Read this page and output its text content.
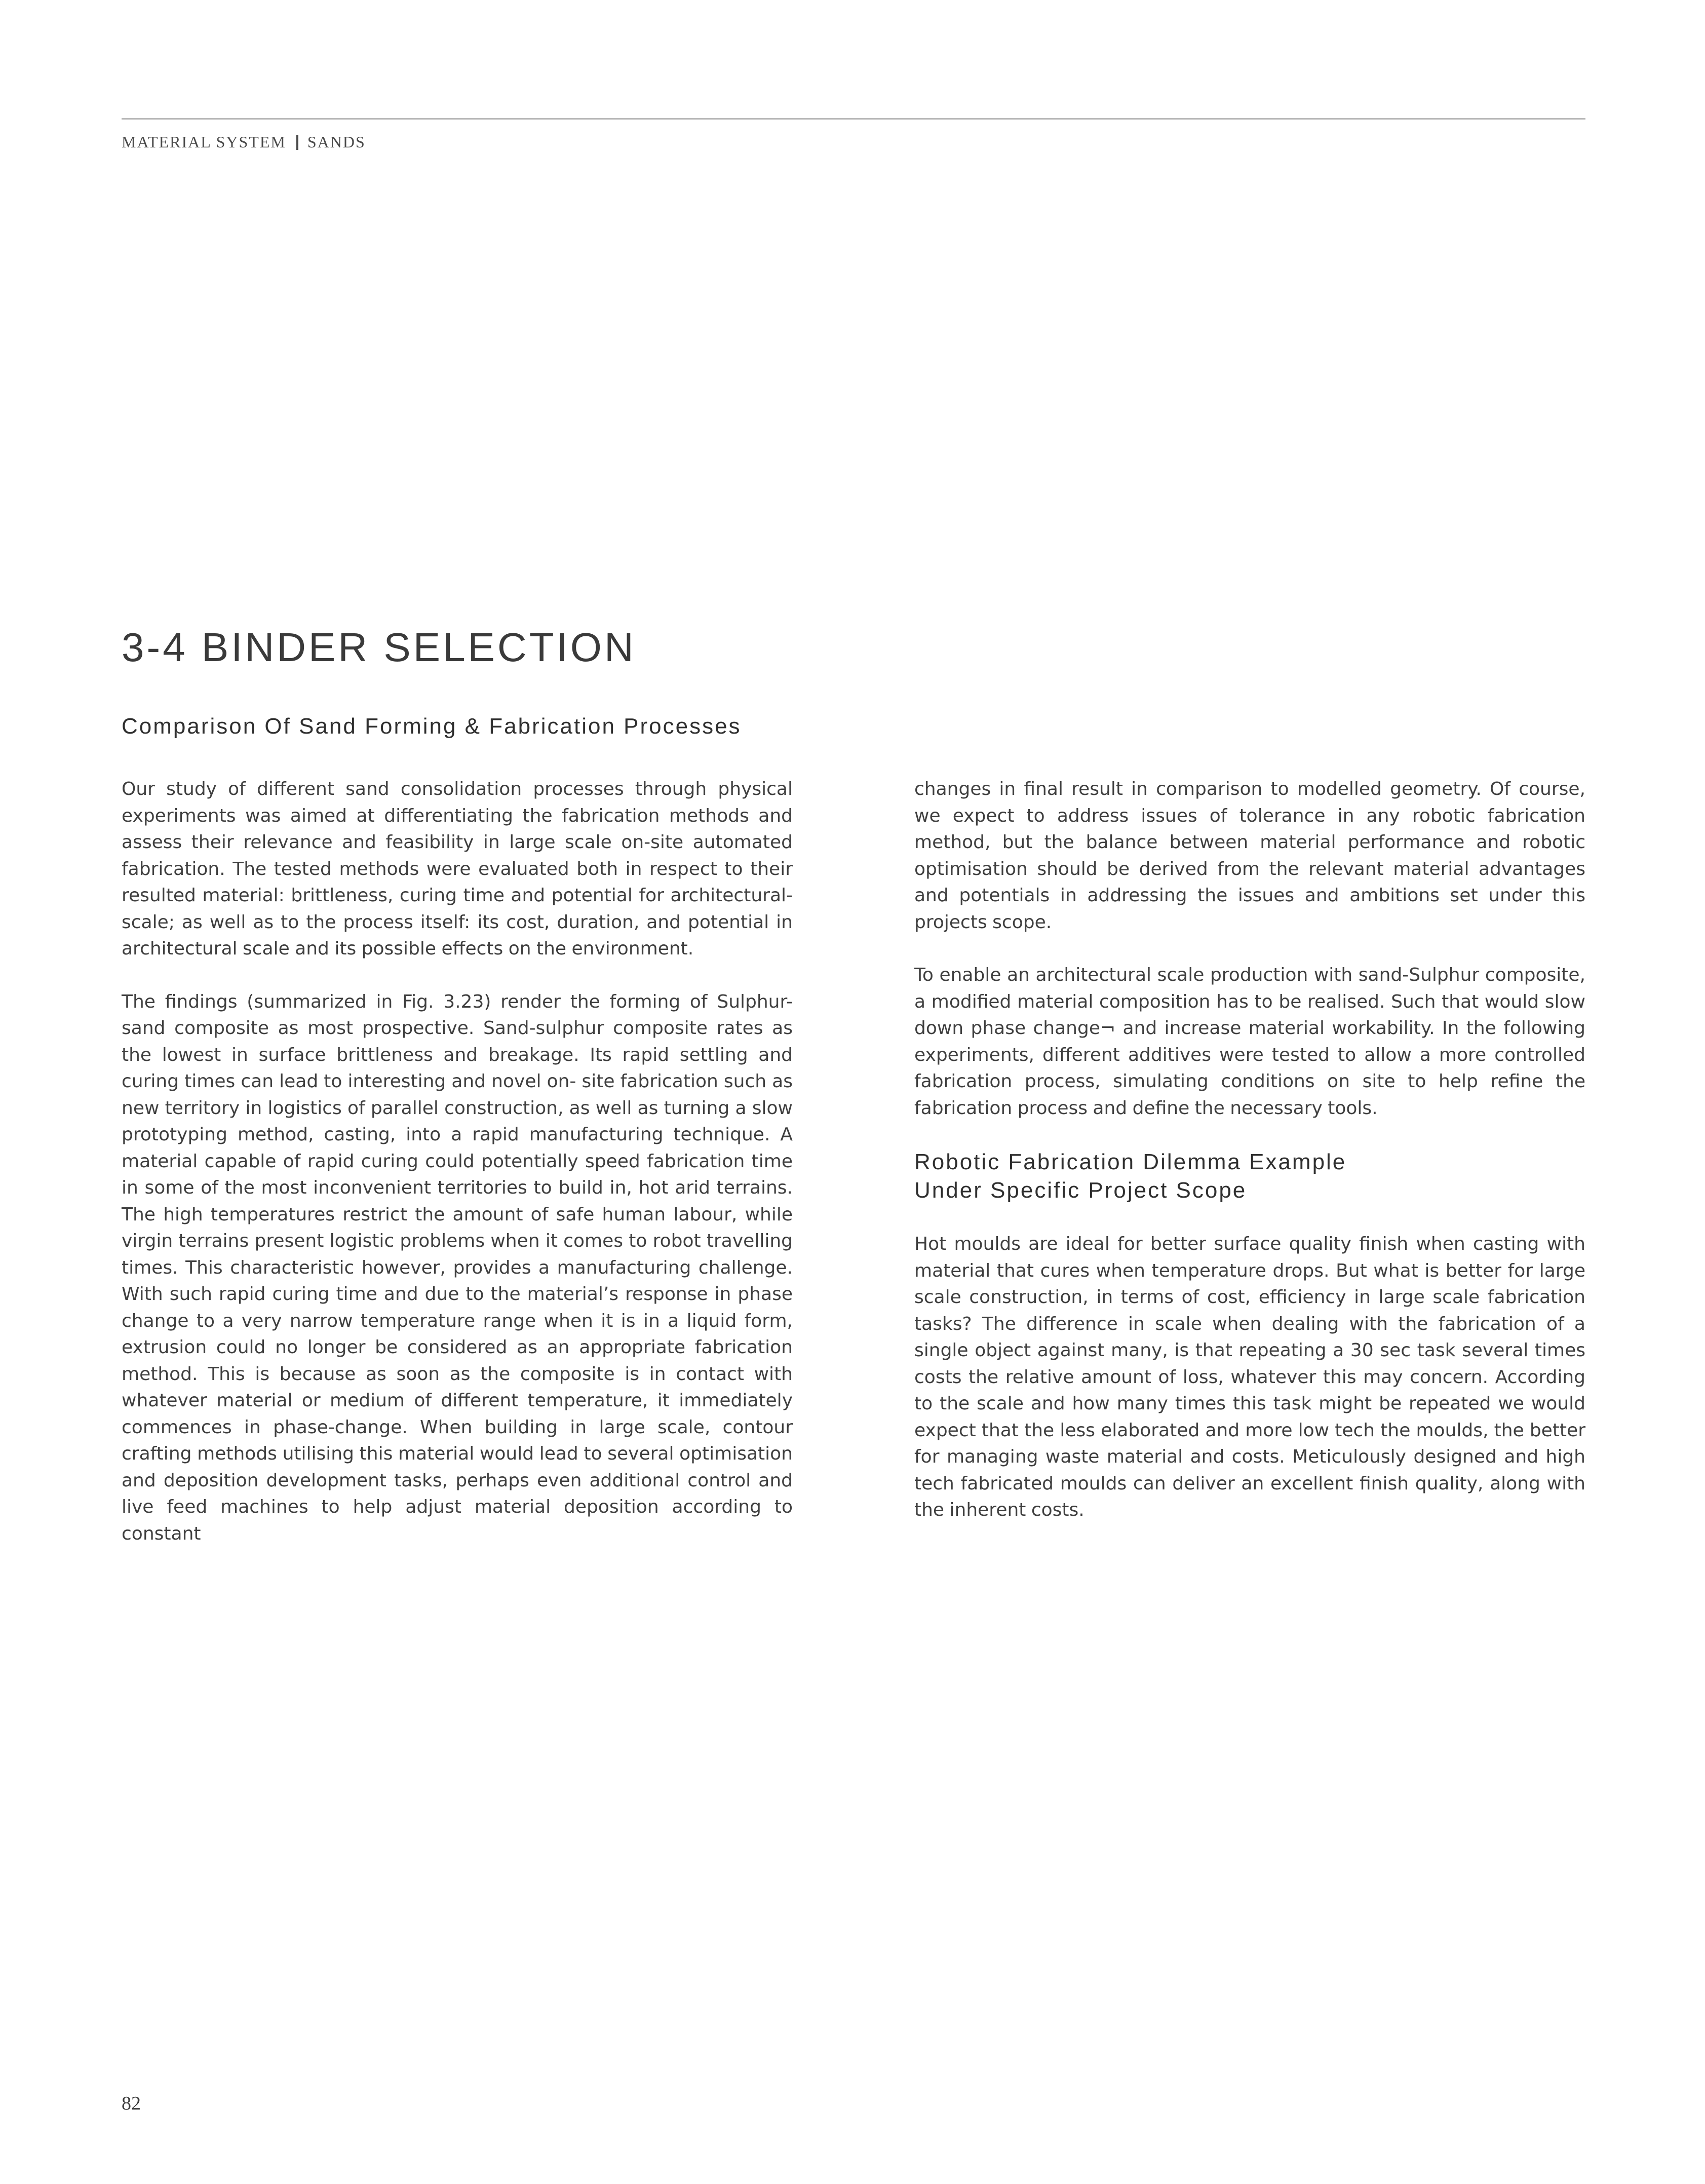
MATERIAL SYSTEM SANDS
3-4 BINDER SELECTION
Comparison Of Sand Forming & Fabrication Processes

Our study of different sand consolidation processes through physical experiments was aimed at differentiating the fabrication methods and assess their relevance and feasibility in large scale on-site automated fabrication. The tested methods were evaluated both in respect to their resulted material: brittleness, curing time and potential for architectural-scale; as well as to the process itself: its cost, duration, and potential in architectural scale and its possible effects on the environment.

The findings (summarized in Fig. 3.23) render the forming of Sulphur-sand composite as most prospective. Sand-sulphur composite rates as the lowest in surface brittleness and breakage. Its rapid settling and curing times can lead to interesting and novel on- site fabrication such as new territory in logistics of parallel construction, as well as turning a slow prototyping method, casting, into a rapid manufacturing technique. A material capable of rapid curing could potentially speed fabrication time in some of the most inconvenient territories to build in, hot arid terrains. The high temperatures restrict the amount of safe human labour, while virgin terrains present logistic problems when it comes to robot travelling times. This characteristic however, provides a manufacturing challenge. With such rapid curing time and due to the material’s response in phase change to a very narrow temperature range when it is in a liquid form, extrusion could no longer be considered as an appropriate fabrication method. This is because as soon as the composite is in contact with whatever material or medium of different temperature, it immediately commences in phase-change. When building in large scale, contour crafting methods utilising this material would lead to several optimisation and deposition development tasks, perhaps even additional control and live feed machines to help adjust material deposition according to constant

changes in final result in comparison to modelled geometry. Of course, we expect to address issues of tolerance in any robotic fabrication method, but the balance between material performance and robotic optimisation should be derived from the relevant material advantages and potentials in addressing the issues and ambitions set under this projects scope.

To enable an architectural scale production with sand-Sulphur composite, a modified material composition has to be realised. Such that would slow down phase change¬ and increase material workability. In the following experiments, different additives were tested to allow a more controlled fabrication process, simulating conditions on site to help refine the fabrication process and define the necessary tools.

Robotic Fabrication Dilemma Example
Under Specific Project Scope

Hot moulds are ideal for better surface quality finish when casting with material that cures when temperature drops. But what is better for large scale construction, in terms of cost, efficiency in large scale fabrication tasks? The difference in scale when dealing with the fabrication of a single object against many, is that repeating a 30 sec task several times costs the relative amount of loss, whatever this may concern. According to the scale and how many times this task might be repeated we would expect that the less elaborated and more low tech the moulds, the better for managing waste material and costs. Meticulously designed and high tech fabricated moulds can deliver an excellent finish quality, along with the inherent costs.

82
